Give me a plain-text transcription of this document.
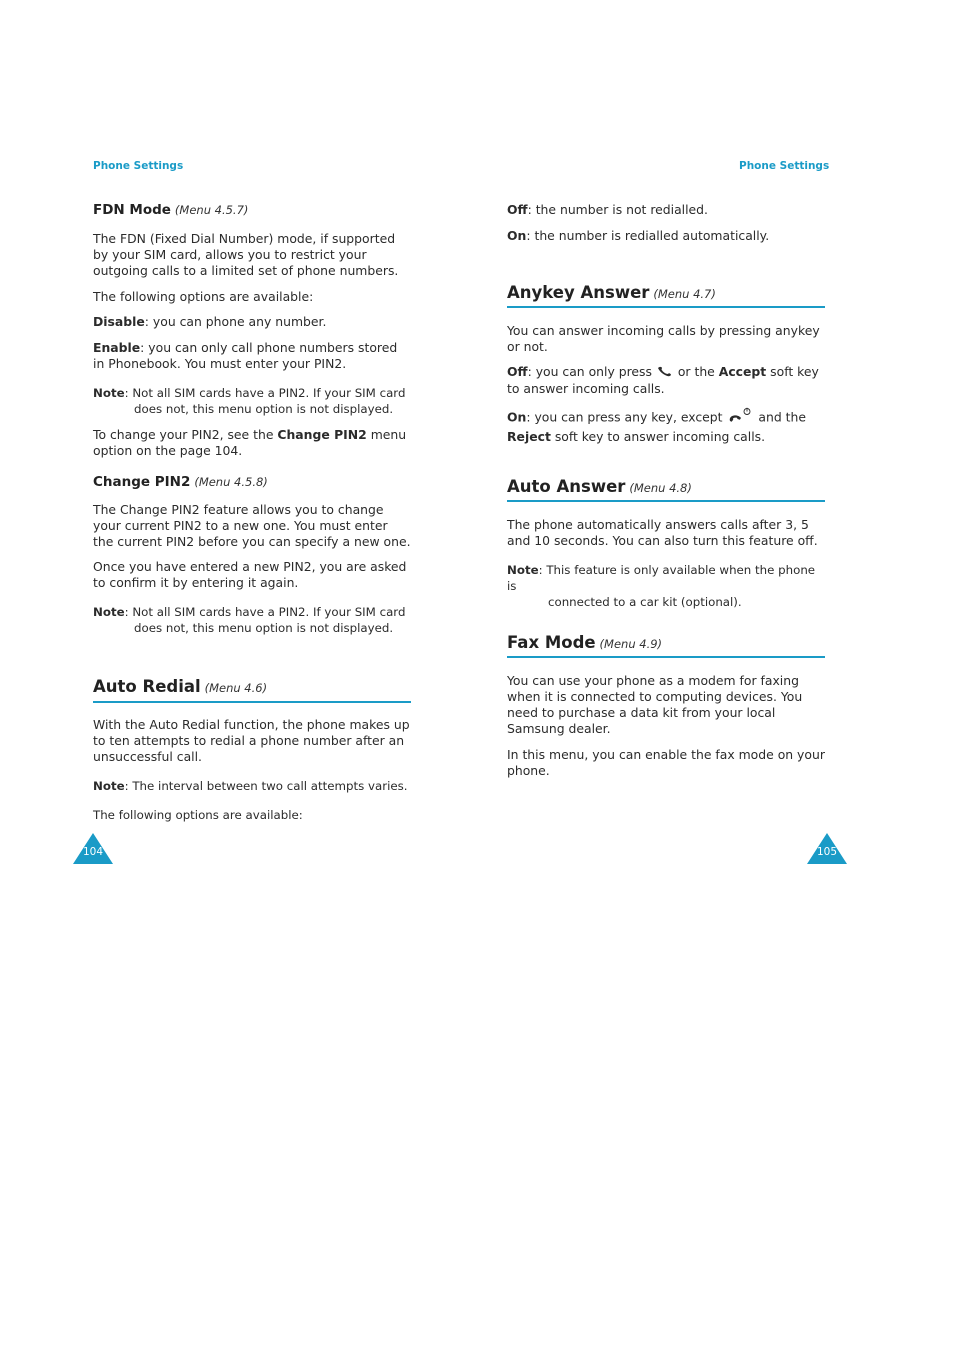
Phone Settings	Phone Settings

FDN Mode (Menu 4.5.7)

The FDN (Fixed Dial Number) mode, if supported by your SIM card, allows you to restrict your outgoing calls to a limited set of phone numbers.

The following options are available:

Disable: you can phone any number.

Enable: you can only call phone numbers stored in Phonebook. You must enter your PIN2.

Note: Not all SIM cards have a PIN2. If your SIM card
does not, this menu option is not displayed.

To change your PIN2, see the Change PIN2 menu option on the page 104.

Change PIN2 (Menu 4.5.8)

The Change PIN2 feature allows you to change your current PIN2 to a new one. You must enter the current PIN2 before you can specify a new one.

Once you have entered a new PIN2, you are asked to confirm it by entering it again.

Note: Not all SIM cards have a PIN2. If your SIM card
does not, this menu option is not displayed.
Auto Redial (Menu 4.6)

With the Auto Redial function, the phone makes up to ten attempts to redial a phone number after an unsuccessful call.

Note: The interval between two call attempts varies.

The following options are available:

Off: the number is not redialled.

On: the number is redialled automatically.

Anykey Answer (Menu 4.7)

You can answer incoming calls by pressing anykey or not.

Off: you can only press  or the Accept soft key to answer incoming calls.

On: you can press any key, except  and the Reject soft key to answer incoming calls.

Auto Answer (Menu 4.8)

The phone automatically answers calls after 3, 5 and 10 seconds. You can also turn this feature off.

Note: This feature is only available when the phone is
connected to a car kit (optional).
Fax Mode (Menu 4.9)

You can use your phone as a modem for faxing when it is connected to computing devices. You need to purchase a data kit from your local Samsung dealer.

In this menu, you can enable the fax mode on your phone.

104	105
